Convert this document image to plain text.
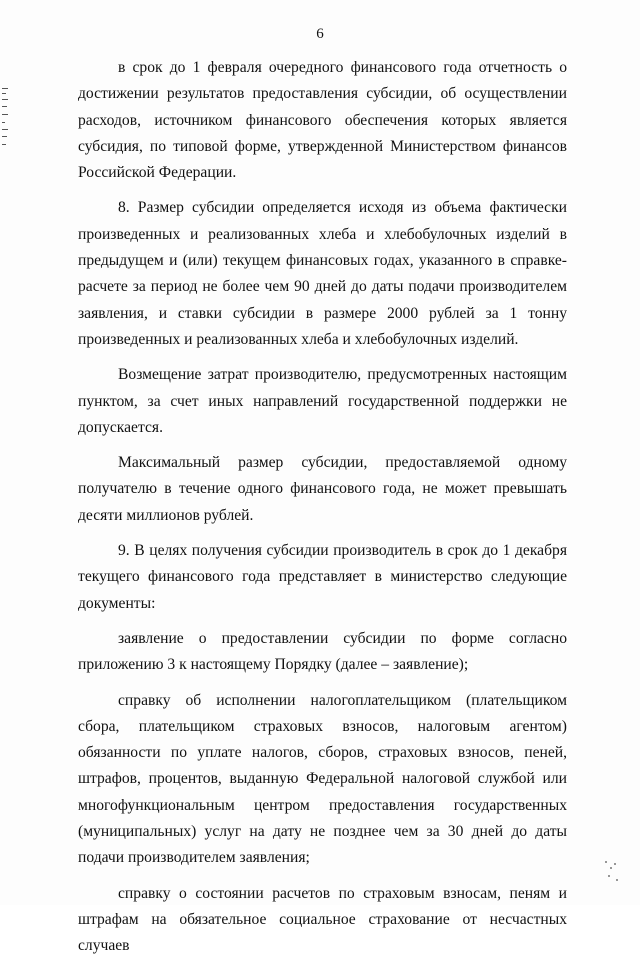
6

в срок до 1 февраля очередного финансового года отчетность о достижении результатов предоставления субсидии, об осуществлении расходов, источником финансового обеспечения которых является субсидия, по типовой форме, утвержденной Министерством финансов Российской Федерации.

8. Размер субсидии определяется исходя из объема фактически произведенных и реализованных хлеба и хлебобулочных изделий в предыдущем и (или) текущем финансовых годах, указанного в справке-расчете за период не более чем 90 дней до даты подачи производителем заявления, и ставки субсидии в размере 2000 рублей за 1 тонну произведенных и реализованных хлеба и хлебобулочных изделий.

Возмещение затрат производителю, предусмотренных настоящим пунктом, за счет иных направлений государственной поддержки не допускается.

Максимальный размер субсидии, предоставляемой одному получателю в течение одного финансового года, не может превышать десяти миллионов рублей.

9. В целях получения субсидии производитель в срок до 1 декабря текущего финансового года представляет в министерство следующие документы:

заявление о предоставлении субсидии по форме согласно приложению 3 к настоящему Порядку (далее – заявление);

справку об исполнении налогоплательщиком (плательщиком сбора, плательщиком страховых взносов, налоговым агентом) обязанности по уплате налогов, сборов, страховых взносов, пеней, штрафов, процентов, выданную Федеральной налоговой службой или многофункциональным центром предоставления государственных (муниципальных) услуг на дату не позднее чем за 30 дней до даты подачи производителем заявления;

справку о состоянии расчетов по страховым взносам, пеням и штрафам на обязательное социальное страхование от несчастных случаев
